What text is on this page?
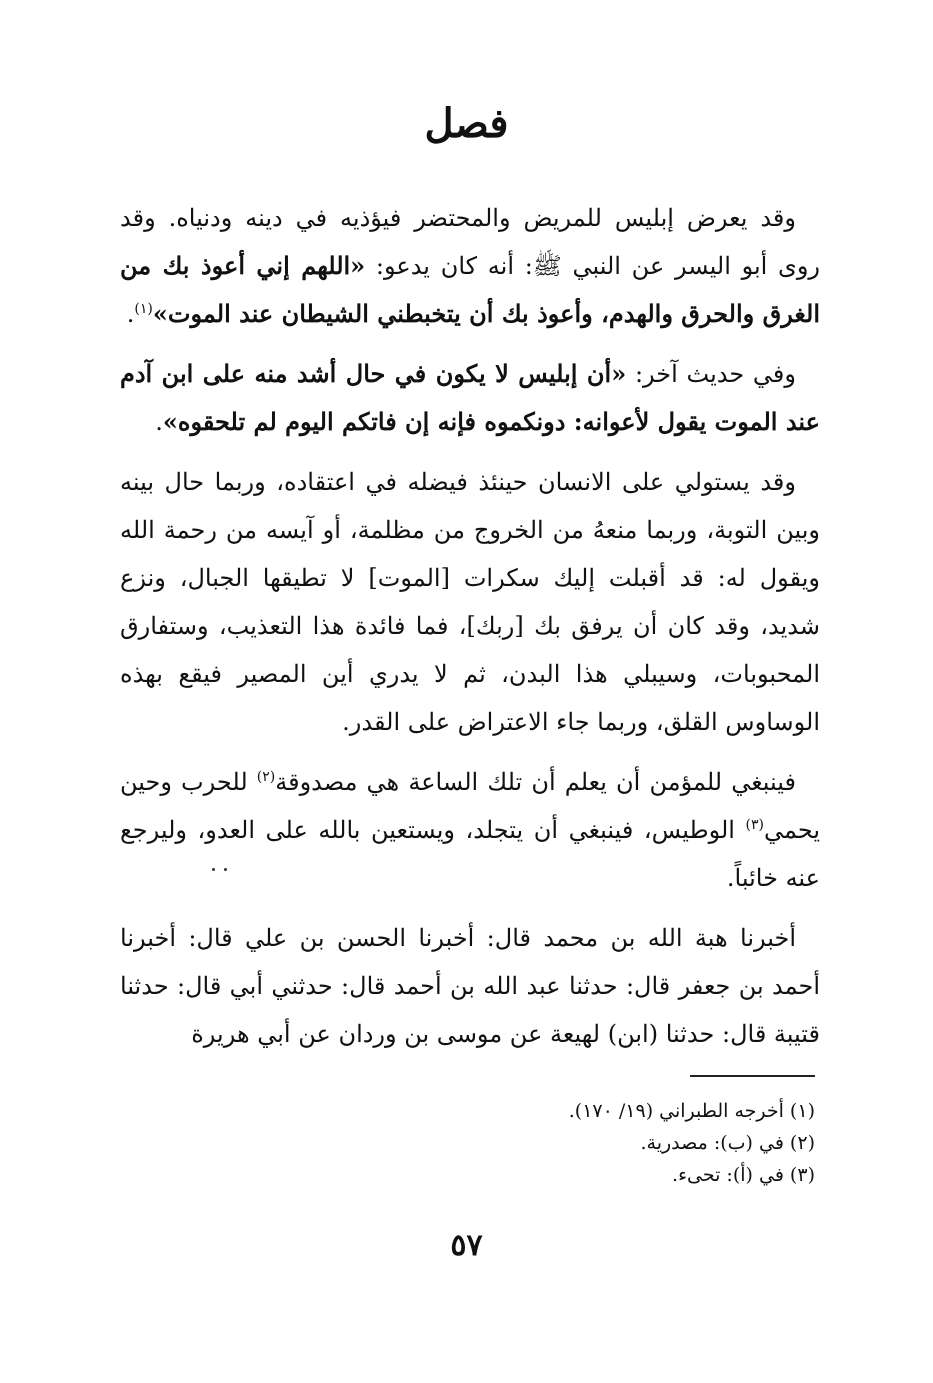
فصل

وقد يعرض إبليس للمريض والمحتضر فيؤذيه في دينه ودنياه. وقد روى أبو اليسر عن النبي ﷺ: أنه كان يدعو: «اللهم إني أعوذ بك من الغرق والحرق والهدم، وأعوذ بك أن يتخبطني الشيطان عند الموت»$^{(١)}$.

وفي حديث آخر: «أن إبليس لا يكون في حال أشد منه على ابن آدم عند الموت يقول لأعوانه: دونكموه فإنه إن فاتكم اليوم لم تلحقوه».

وقد يستولي على الانسان حينئذ فيضله في اعتقاده، وربما حال بينه وبين التوبة، وربما منعهُ من الخروج من مظلمة، أو آيسه من رحمة الله ويقول له: قد أقبلت إليك سكرات [الموت] لا تطيقها الجبال، ونزع شديد، وقد كان أن يرفق بك [ربك]، فما فائدة هذا التعذيب، وستفارق المحبوبات، وسيبلي هذا البدن، ثم لا يدري أين المصير فيقع بهذه الوساوس القلق، وربما جاء الاعتراض على القدر.

فينبغي للمؤمن أن يعلم أن تلك الساعة هي مصدوقة$^{(٢)}$ للحرب وحين يحمي$^{(٣)}$ الوطيس، فينبغي أن يتجلد، ويستعين بالله على العدو، وليرجع عنه خائباً.

أخبرنا هبة الله بن محمد قال: أخبرنا الحسن بن علي قال: أخبرنا أحمد بن جعفر قال: حدثنا عبد الله بن أحمد قال: حدثني أبي قال: حدثنا قتيبة قال: حدثنا (ابن) لهيعة عن موسى بن وردان عن أبي هريرة

(١) أخرجه الطبراني (١٩/ ١٧٠).

(٢) في (ب): مصدرية.

(٣) في (أ): تحىء.

٥٧
